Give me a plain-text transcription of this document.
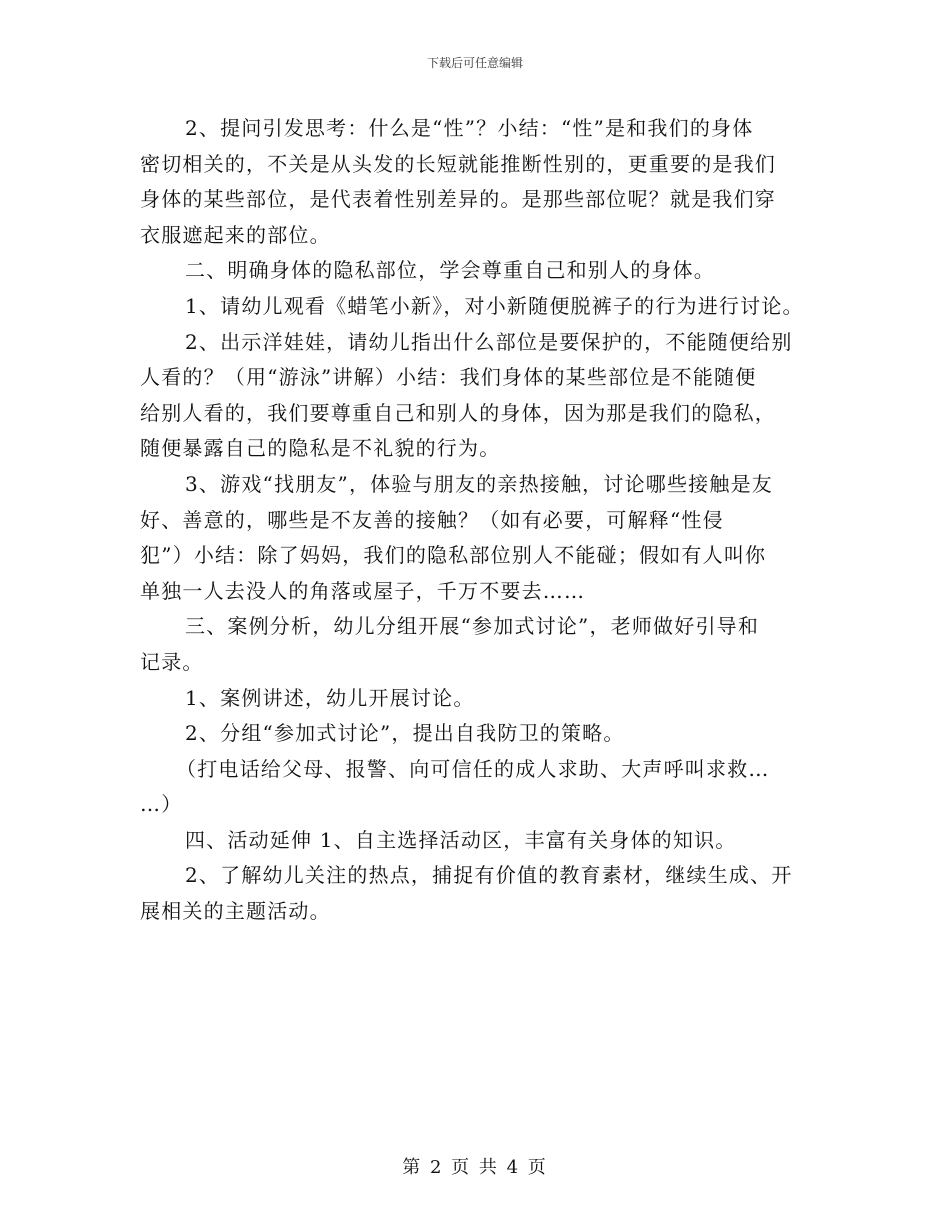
下载后可任意编辑

2、提问引发思考：什么是“性”？小结：“性”是和我们的身体

密切相关的，不关是从头发的长短就能推断性别的，更重要的是我们

身体的某些部位，是代表着性别差异的。是那些部位呢？就是我们穿

衣服遮起来的部位。

二、明确身体的隐私部位，学会尊重自己和别人的身体。

1、请幼儿观看《蜡笔小新》，对小新随便脱裤子的行为进行讨论。

2、出示洋娃娃，请幼儿指出什么部位是要保护的，不能随便给别

人看的？（用“游泳”讲解）小结：我们身体的某些部位是不能随便

给别人看的，我们要尊重自己和别人的身体，因为那是我们的隐私，

随便暴露自己的隐私是不礼貌的行为。

3、游戏“找朋友”，体验与朋友的亲热接触，讨论哪些接触是友

好、善意的，哪些是不友善的接触？（如有必要，可解释“性侵

犯”）小结：除了妈妈，我们的隐私部位别人不能碰；假如有人叫你

单独一人去没人的角落或屋子，千万不要去……

三、案例分析，幼儿分组开展“参加式讨论”，老师做好引导和

记录。

1、案例讲述，幼儿开展讨论。

2、分组“参加式讨论”，提出自我防卫的策略。

（打电话给父母、报警、向可信任的成人求助、大声呼叫求救…

…）

四、活动延伸 1、自主选择活动区，丰富有关身体的知识。

2、了解幼儿关注的热点，捕捉有价值的教育素材，继续生成、开

展相关的主题活动。

第 2 页 共 4 页
